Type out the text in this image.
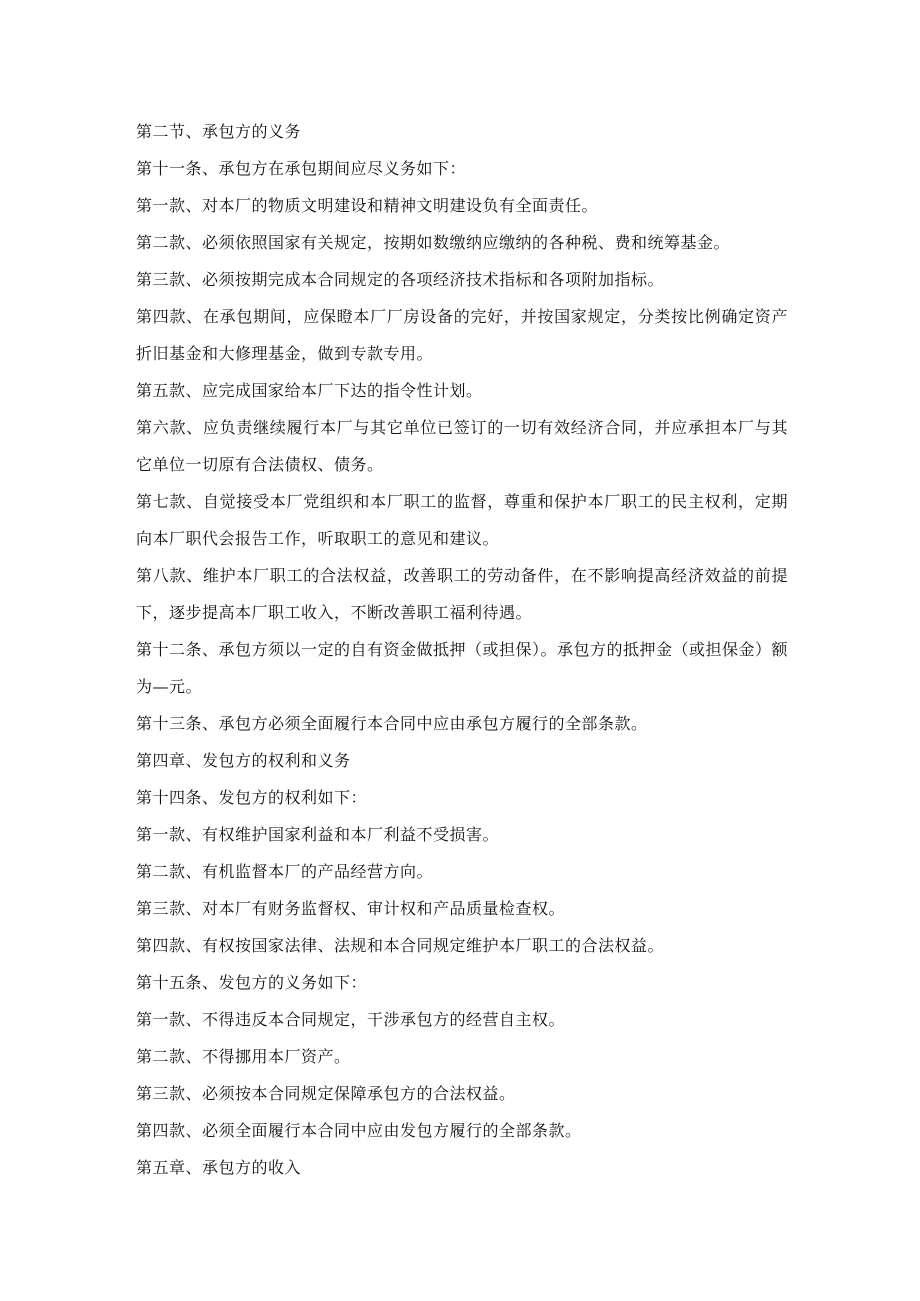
第二节、承包方的义务

第十一条、承包方在承包期间应尽义务如下：

第一款、对本厂的物质文明建设和精神文明建设负有全面责任。

第二款、必须依照国家有关规定，按期如数缴纳应缴纳的各种税、费和统筹基金。

第三款、必须按期完成本合同规定的各项经济技术指标和各项附加指标。

第四款、在承包期间，应保瞪本厂厂房设备的完好，并按国家规定，分类按比例确定资产折旧基金和大修理基金，做到专款专用。

第五款、应完成国家给本厂下达的指令性计划。

第六款、应负责继续履行本厂与其它单位已签订的一切有效经济合同，并应承担本厂与其它单位一切原有合法债权、债务。

第七款、自觉接受本厂党组织和本厂职工的监督，尊重和保护本厂职工的民主权利，定期向本厂职代会报告工作，听取职工的意见和建议。

第八款、维护本厂职工的合法权益，改善职工的劳动备件，在不影响提高经济效益的前提下，逐步提高本厂职工收入，不断改善职工福利待遇。

第十二条、承包方须以一定的自有资金做抵押（或担保）。承包方的抵押金（或担保金）额为—元。

第十三条、承包方必须全面履行本合同中应由承包方履行的全部条款。

第四章、发包方的权利和义务

第十四条、发包方的权利如下：

第一款、有权维护国家利益和本厂利益不受损害。

第二款、有机监督本厂的产品经营方向。

第三款、对本厂有财务监督权、审计权和产品质量检查权。

第四款、有权按国家法律、法规和本合同规定维护本厂职工的合法权益。

第十五条、发包方的义务如下：

第一款、不得违反本合同规定，干涉承包方的经营自主权。

第二款、不得挪用本厂资产。

第三款、必须按本合同规定保障承包方的合法权益。

第四款、必须全面履行本合同中应由发包方履行的全部条款。

第五章、承包方的收入
